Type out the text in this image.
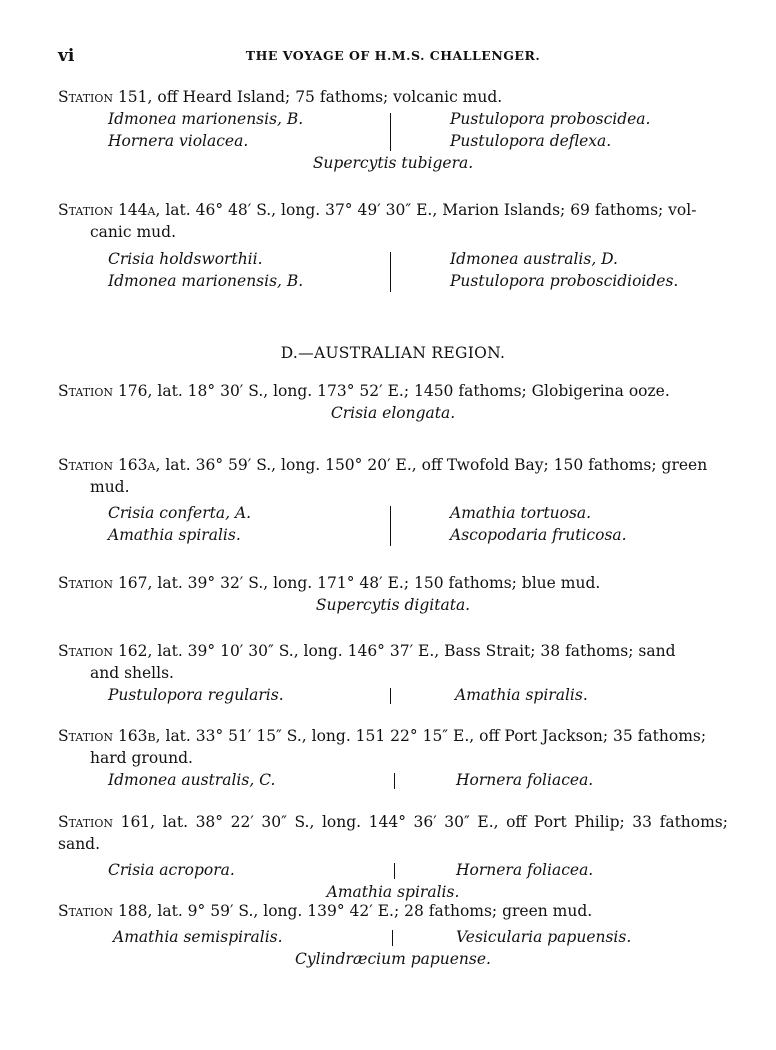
vi	THE VOYAGE OF H.M.S. CHALLENGER.
Station 151, off Heard Island; 75 fathoms; volcanic mud.
Idmonea marionensis, B.	Pustulopora proboscidea.
Hornera violacea.	Pustulopora deflexa.
Supercytis tubigera.
Station 144a, lat. 46° 48′ S., long. 37° 49′ 30″ E., Marion Islands; 69 fathoms; vol-
canic mud.
Crisia holdsworthii.	Idmonea australis, D.
Idmonea marionensis, B.	Pustulopora proboscidioides.
D.—AUSTRALIAN REGION.
Station 176, lat. 18° 30′ S., long. 173° 52′ E.; 1450 fathoms; Globigerina ooze.
Crisia elongata.
Station 163a, lat. 36° 59′ S., long. 150° 20′ E., off Twofold Bay; 150 fathoms; green
mud.
Crisia conferta, A.	Amathia tortuosa.
Amathia spiralis.	Ascopodaria fruticosa.
Station 167, lat. 39° 32′ S., long. 171° 48′ E.; 150 fathoms; blue mud.
Supercytis digitata.
Station 162, lat. 39° 10′ 30″ S., long. 146° 37′ E., Bass Strait; 38 fathoms; sand
and shells.
Pustulopora regularis.	Amathia spiralis.
Station 163b, lat. 33° 51′ 15″ S., long. 151 22° 15″ E., off Port Jackson; 35 fathoms;
hard ground.
Idmonea australis, C.	Hornera foliacea.
Station 161, lat. 38° 22′ 30″ S., long. 144° 36′ 30″ E., off Port Philip; 33 fathoms; sand.
Crisia acropora.	Hornera foliacea.
Amathia spiralis.
Station 188, lat. 9° 59′ S., long. 139° 42′ E.; 28 fathoms; green mud.
Amathia semispiralis.	Vesicularia papuensis.
Cylindræcium papuense.
